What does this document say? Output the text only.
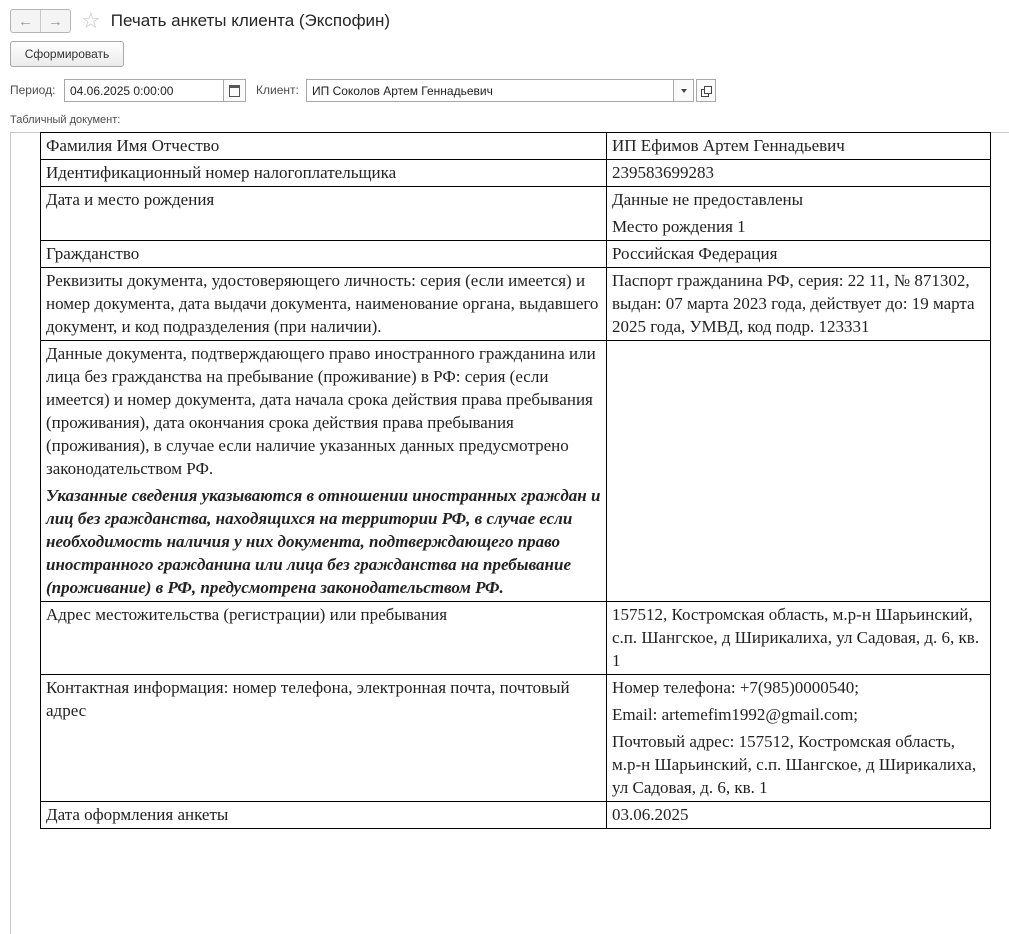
←	→ ☆ Печать анкеты клиента (Экспофин)
Сформировать
Период:	04.06.2025 0:00:00	Клиент:	ИП Соколов Артем Геннадьевич
Табличный документ:
Фамилия Имя Отчество	ИП Ефимов Артем Геннадьевич
Идентификационный номер налогоплательщика	239583699283
Дата и место рождения	Данные не предоставлены
Место рождения 1

Гражданство	Российская Федерация
Реквизиты документа, удостоверяющего личность: серия (если имеется) и номер документа, дата выдачи документа, наименование органа, выдавшего документ, и код подразделения (при наличии).	Паспорт гражданина РФ, серия: 22 11, № 871302, выдан: 07 марта 2023 года, действует до: 19 марта 2025 года, УМВД, код подр. 123331
Данные документа, подтверждающего право иностранного гражданина или лица без гражданства на пребывание (проживание) в РФ: серия (если имеется) и номер документа, дата начала срока действия права пребывания (проживания), дата окончания срока действия права пребывания (проживания), в случае если наличие указанных данных предусмотрено законодательством РФ.
Указанные сведения указываются в отношении иностранных граждан и лиц без гражданства, находящихся на территории РФ, в случае если необходимость наличия у них документа, подтверждающего право иностранного гражданина или лица без гражданства на пребывание (проживание) в РФ, предусмотрена законодательством РФ.	

Адрес местожительства (регистрации) или пребывания	157512, Костромская область, м.р-н Шарьинский, с.п. Шангское, д Ширикалиха, ул Садовая, д. 6, кв. 1
Контактная информация: номер телефона, электронная почта, почтовый адрес	Номер телефона: +7(985)0000540;
Email: artemefim1992@gmail.com;
Почтовый адрес: 157512, Костромская область, м.р-н Шарьинский, с.п. Шангское, д Ширикалиха, ул Садовая, д. 6, кв. 1

Дата оформления анкеты	03.06.2025
